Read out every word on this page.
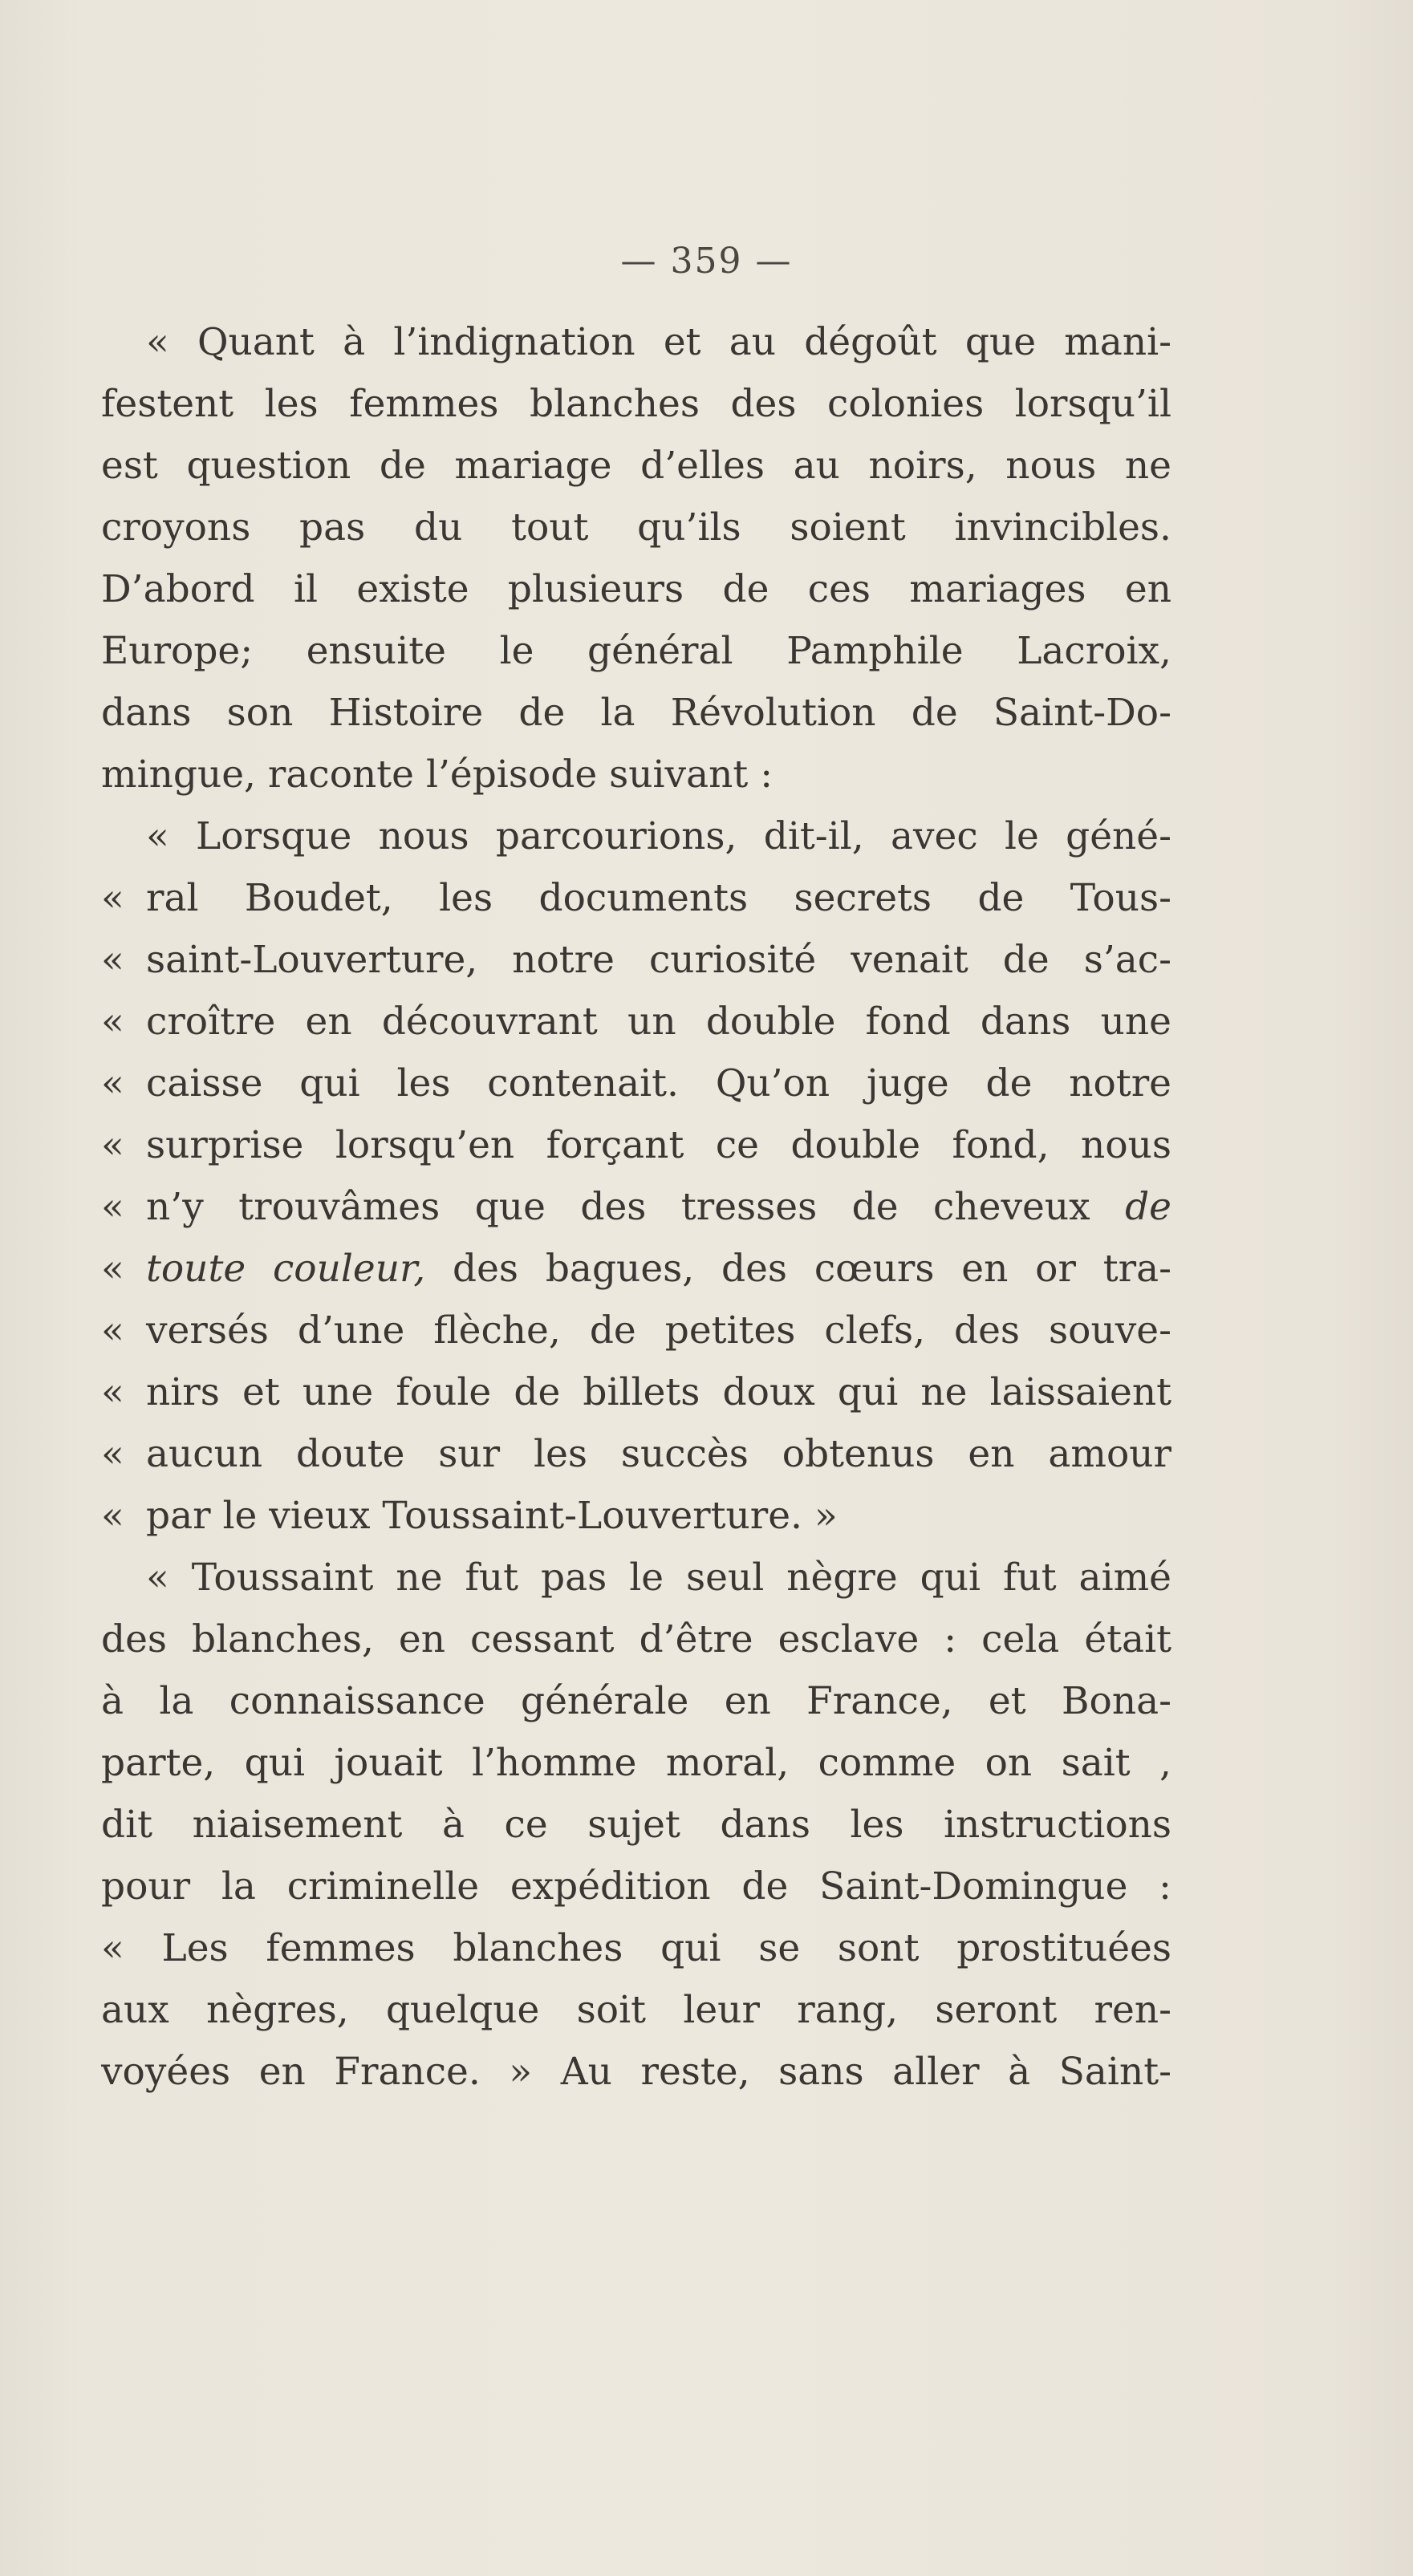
— 359 —
« Quant à l’indignation et au dégoût que mani-
festent les femmes blanches des colonies lorsqu’il
est question de mariage d’elles au noirs, nous ne
croyons pas du tout qu’ils soient invincibles.
D’abord il existe plusieurs de ces mariages en
Europe; ensuite le général Pamphile Lacroix,
dans son Histoire de la Révolution de Saint-Do-
mingue, raconte l’épisode suivant :
« Lorsque nous parcourions, dit-il, avec le géné-
« ral Boudet, les documents secrets de Tous-
« saint-Louverture, notre curiosité venait de s’ac-
« croître en découvrant un double fond dans une
« caisse qui les contenait. Qu’on juge de notre
« surprise lorsqu’en forçant ce double fond, nous
« n’y trouvâmes que des tresses de cheveux de
« toute couleur, des bagues, des cœurs en or tra-
« versés d’une flèche, de petites clefs, des souve-
« nirs et une foule de billets doux qui ne laissaient
« aucun doute sur les succès obtenus en amour
« par le vieux Toussaint-Louverture. »
« Toussaint ne fut pas le seul nègre qui fut aimé
des blanches, en cessant d’être esclave : cela était
à la connaissance générale en France, et Bona-
parte, qui jouait l’homme moral, comme on sait ,
dit niaisement à ce sujet dans les instructions
pour la criminelle expédition de Saint-Domingue :
« Les femmes blanches qui se sont prostituées
aux nègres, quelque soit leur rang, seront ren-
voyées en France. » Au reste, sans aller à Saint-
